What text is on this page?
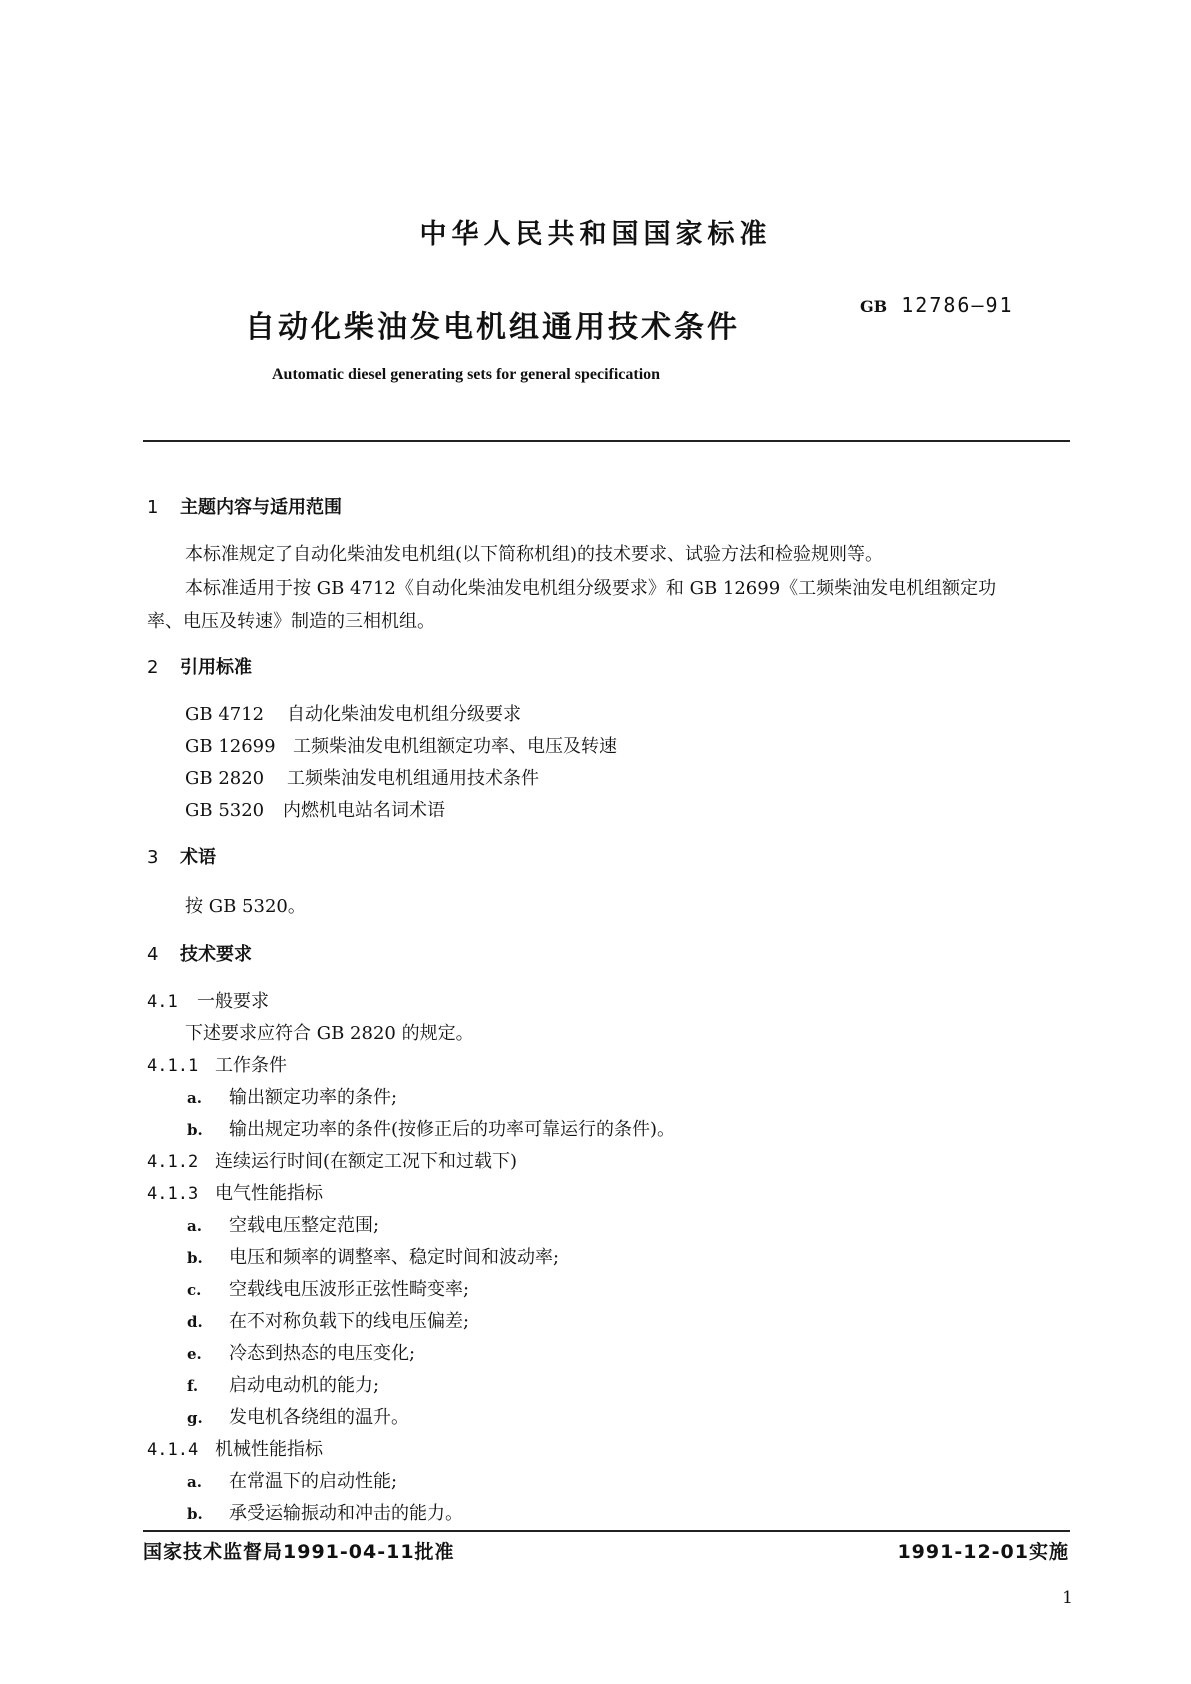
中华人民共和国国家标准
自动化柴油发电机组通用技术条件
GB 12786—91
Automatic diesel generating sets for general specification
1 主题内容与适用范围
本标准规定了自动化柴油发电机组(以下简称机组)的技术要求、试验方法和检验规则等。
本标准适用于按 GB 4712《自动化柴油发电机组分级要求》和 GB 12699《工频柴油发电机组额定功
率、电压及转速》制造的三相机组。
2 引用标准
GB 4712 自动化柴油发电机组分级要求
GB 12699 工频柴油发电机组额定功率、电压及转速
GB 2820 工频柴油发电机组通用技术条件
GB 5320 内燃机电站名词术语
3 术语
按 GB 5320。
4 技术要求
4.1 一般要求
下述要求应符合 GB 2820 的规定。
4.1.1 工作条件
a. 输出额定功率的条件;
b. 输出规定功率的条件(按修正后的功率可靠运行的条件)。
4.1.2 连续运行时间(在额定工况下和过载下)
4.1.3 电气性能指标
a. 空载电压整定范围;
b. 电压和频率的调整率、稳定时间和波动率;
c. 空载线电压波形正弦性畸变率;
d. 在不对称负载下的线电压偏差;
e. 冷态到热态的电压变化;
f. 启动电动机的能力;
g. 发电机各绕组的温升。
4.1.4 机械性能指标
a. 在常温下的启动性能;
b. 承受运输振动和冲击的能力。
国家技术监督局1991-04-11批准	1991-12-01实施
1
